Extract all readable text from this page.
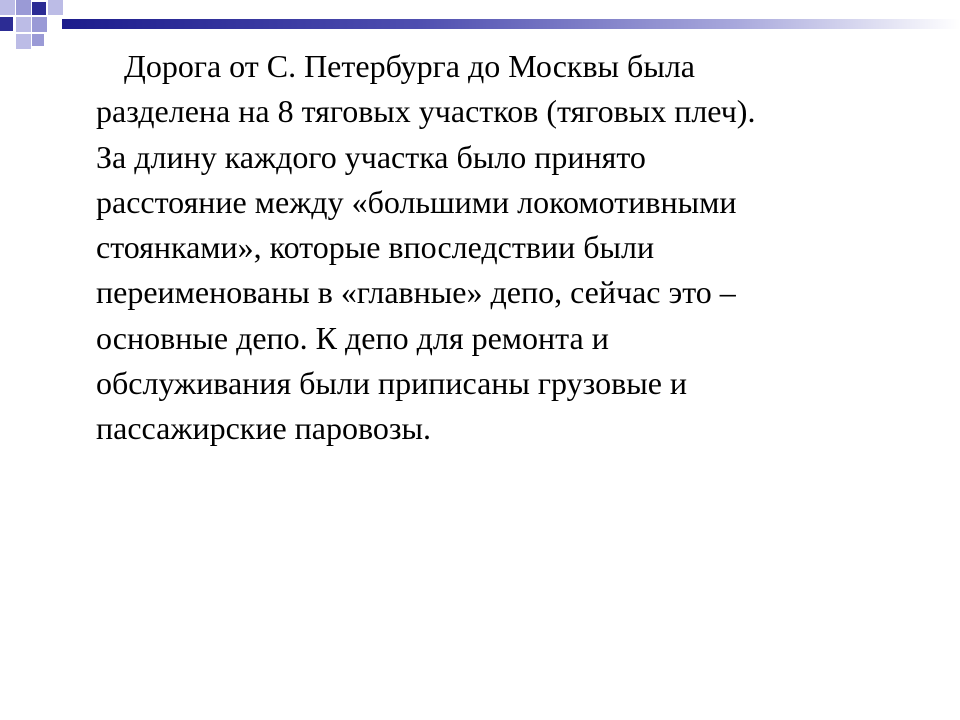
Дорога от С. Петербурга до Москвы была
разделена на 8 тяговых участков (тяговых плеч).
За длину каждого участка было принято
расстояние между «большими локомотивными
стоянками», которые впоследствии были
переименованы в «главные» депо, сейчас это –
основные депо. К депо для ремонта и
обслуживания были приписаны грузовые и
пассажирские паровозы.
